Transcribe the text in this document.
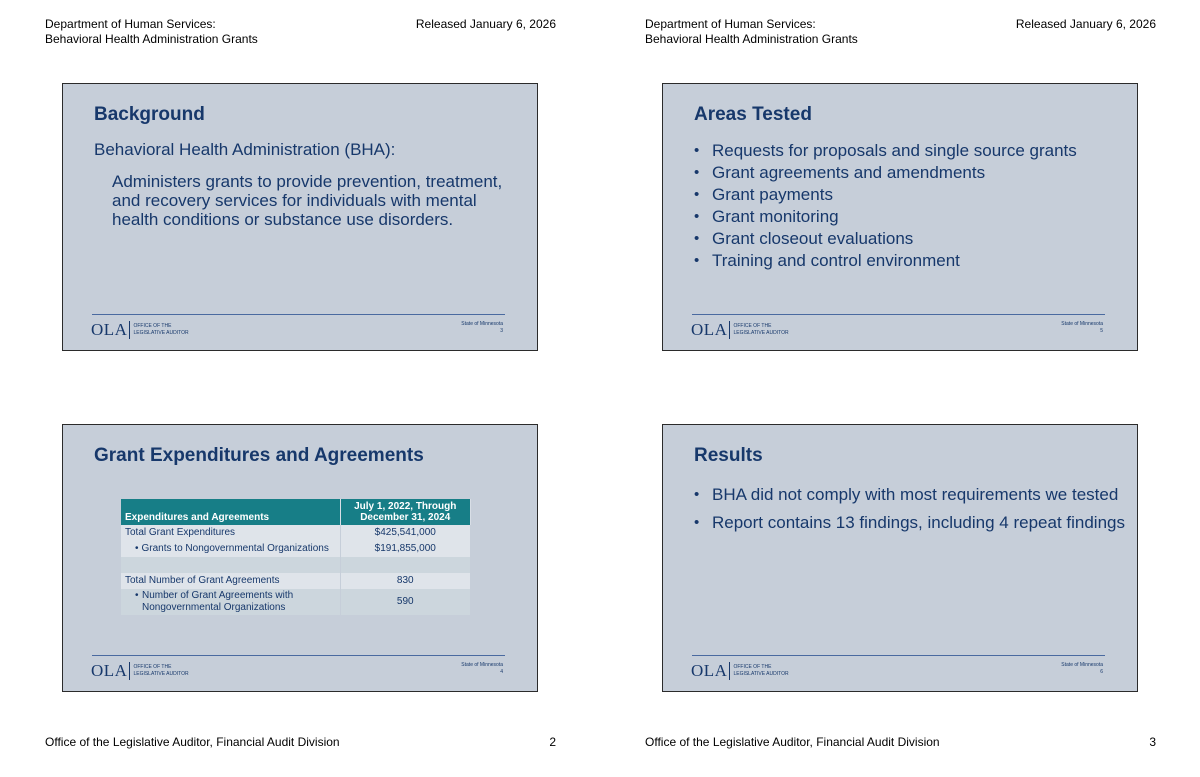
Department of Human Services:
Behavioral Health Administration Grants
Released January 6, 2026
Background
Behavioral Health Administration (BHA):
Administers grants to provide prevention, treatment, and recovery services for individuals with mental health conditions or substance use disorders.
OLA OFFICE OF THE
LEGISLATIVE AUDITOR
State of Minnesota
3
Grant Expenditures and Agreements
Expenditures and Agreements	July 1, 2022, Through
December 31, 2024

Total Grant Expenditures	$425,541,000
• Grants to Nongovernmental Organizations	$191,855,000

Total Number of Grant Agreements	830

• Number of Grant Agreements with
Nongovernmental Organizations	590
OLA OFFICE OF THE
LEGISLATIVE AUDITOR
State of Minnesota
4
Office of the Legislative Auditor, Financial Audit Division	2
Department of Human Services:
Behavioral Health Administration Grants
Released January 6, 2026
Areas Tested
• Requests for proposals and single source grants
• Grant agreements and amendments
• Grant payments
• Grant monitoring
• Grant closeout evaluations
• Training and control environment
OLA OFFICE OF THE
LEGISLATIVE AUDITOR
State of Minnesota
5
Results
• BHA did not comply with most requirements we tested
• Report contains 13 findings, including 4 repeat findings
OLA OFFICE OF THE
LEGISLATIVE AUDITOR
State of Minnesota
6
Office of the Legislative Auditor, Financial Audit Division	3
